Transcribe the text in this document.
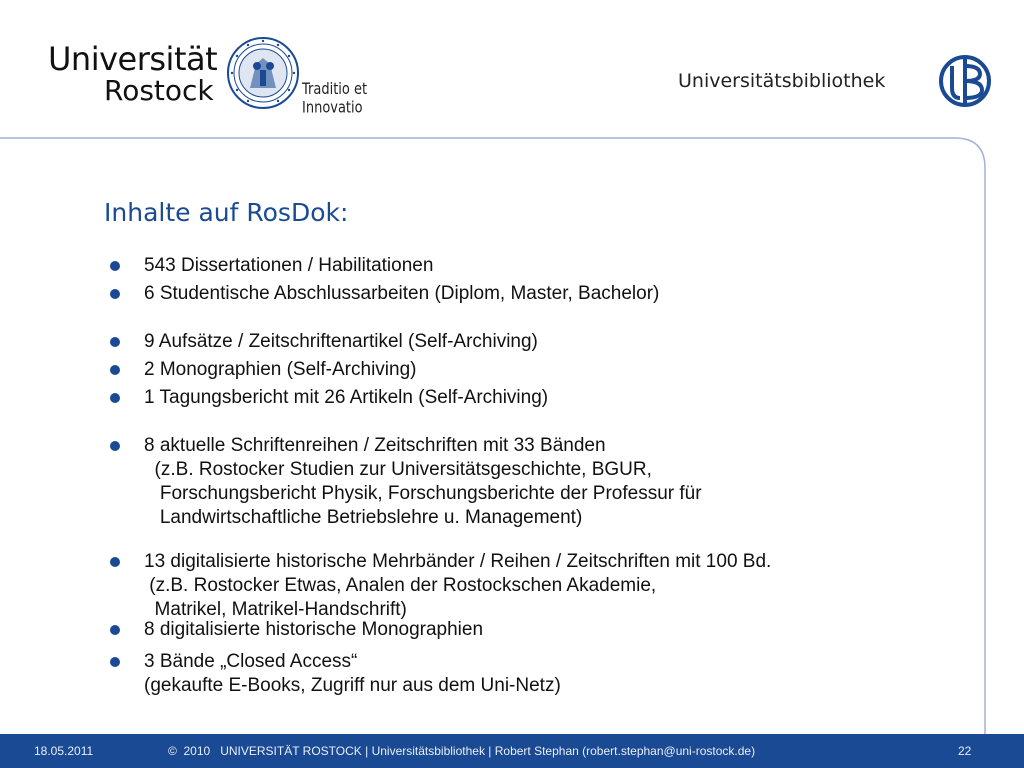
Universität
Rostock	Traditio et Innovatio
Universitätsbibliothek
Inhalte auf RosDok:
543 Dissertationen / Habilitationen
6 Studentische Abschlussarbeiten (Diplom, Master, Bachelor)
9 Aufsätze / Zeitschriftenartikel (Self-Archiving)
2 Monographien (Self-Archiving)
1 Tagungsbericht mit 26 Artikeln (Self-Archiving)
8 aktuelle Schriftenreihen / Zeitschriften mit 33 Bänden
(z.B. Rostocker Studien zur Universitätsgeschichte, BGUR,
Forschungsbericht Physik, Forschungsberichte der Professur für
Landwirtschaftliche Betriebslehre u. Management)
13 digitalisierte historische Mehrbänder / Reihen / Zeitschriften mit 100 Bd.
(z.B. Rostocker Etwas, Analen der Rostockschen Akademie,
Matrikel, Matrikel-Handschrift)
8 digitalisierte historische Monographien
3 Bände „Closed Access“
(gekaufte E-Books, Zugriff nur aus dem Uni-Netz)
18.05.2011	©  2010   UNIVERSITÄT ROSTOCK | Universitätsbibliothek | Robert Stephan (robert.stephan@uni-rostock.de)	22
